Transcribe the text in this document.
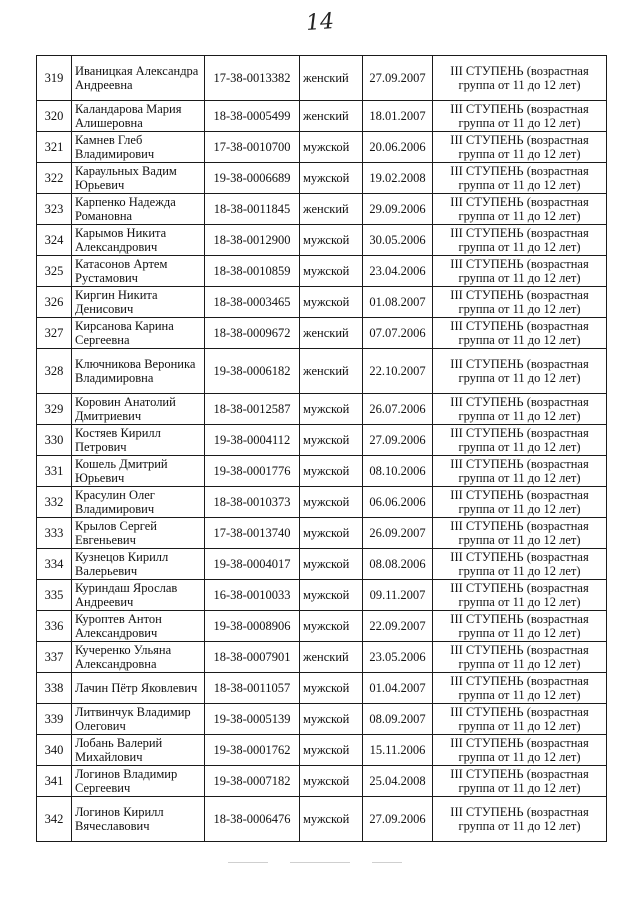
14
319	Иваницкая Александра Андреевна	17-38-0013382	женский	27.09.2007	III СТУПЕНЬ (возрастная группа от 11 до 12 лет)
320	Каландарова Мария Алишеровна	18-38-0005499	женский	18.01.2007	III СТУПЕНЬ (возрастная группа от 11 до 12 лет)
321	Камнев Глеб Владимирович	17-38-0010700	мужской	20.06.2006	III СТУПЕНЬ (возрастная группа от 11 до 12 лет)
322	Караульных Вадим Юрьевич	19-38-0006689	мужской	19.02.2008	III СТУПЕНЬ (возрастная группа от 11 до 12 лет)
323	Карпенко Надежда Романовна	18-38-0011845	женский	29.09.2006	III СТУПЕНЬ (возрастная группа от 11 до 12 лет)
324	Карымов Никита Александрович	18-38-0012900	мужской	30.05.2006	III СТУПЕНЬ (возрастная группа от 11 до 12 лет)
325	Катасонов Артем Рустамович	18-38-0010859	мужской	23.04.2006	III СТУПЕНЬ (возрастная группа от 11 до 12 лет)
326	Киргин Никита Денисович	18-38-0003465	мужской	01.08.2007	III СТУПЕНЬ (возрастная группа от 11 до 12 лет)
327	Кирсанова Карина Сергеевна	18-38-0009672	женский	07.07.2006	III СТУПЕНЬ (возрастная группа от 11 до 12 лет)
328	Ключникова Вероника Владимировна	19-38-0006182	женский	22.10.2007	III СТУПЕНЬ (возрастная группа от 11 до 12 лет)
329	Коровин Анатолий Дмитриевич	18-38-0012587	мужской	26.07.2006	III СТУПЕНЬ (возрастная группа от 11 до 12 лет)
330	Костяев Кирилл Петрович	19-38-0004112	мужской	27.09.2006	III СТУПЕНЬ (возрастная группа от 11 до 12 лет)
331	Кошель Дмитрий Юрьевич	19-38-0001776	мужской	08.10.2006	III СТУПЕНЬ (возрастная группа от 11 до 12 лет)
332	Красулин Олег Владимирович	18-38-0010373	мужской	06.06.2006	III СТУПЕНЬ (возрастная группа от 11 до 12 лет)
333	Крылов Сергей Евгеньевич	17-38-0013740	мужской	26.09.2007	III СТУПЕНЬ (возрастная группа от 11 до 12 лет)
334	Кузнецов Кирилл Валерьевич	19-38-0004017	мужской	08.08.2006	III СТУПЕНЬ (возрастная группа от 11 до 12 лет)
335	Куриндаш Ярослав Андреевич	16-38-0010033	мужской	09.11.2007	III СТУПЕНЬ (возрастная группа от 11 до 12 лет)
336	Куроптев Антон Александрович	19-38-0008906	мужской	22.09.2007	III СТУПЕНЬ (возрастная группа от 11 до 12 лет)
337	Кучеренко Ульяна Александровна	18-38-0007901	женский	23.05.2006	III СТУПЕНЬ (возрастная группа от 11 до 12 лет)
338	Лачин Пётр Яковлевич	18-38-0011057	мужской	01.04.2007	III СТУПЕНЬ (возрастная группа от 11 до 12 лет)
339	Литвинчук Владимир Олегович	19-38-0005139	мужской	08.09.2007	III СТУПЕНЬ (возрастная группа от 11 до 12 лет)
340	Лобань Валерий Михайлович	19-38-0001762	мужской	15.11.2006	III СТУПЕНЬ (возрастная группа от 11 до 12 лет)
341	Логинов Владимир Сергеевич	19-38-0007182	мужской	25.04.2008	III СТУПЕНЬ (возрастная группа от 11 до 12 лет)
342	Логинов Кирилл Вячеславович	18-38-0006476	мужской	27.09.2006	III СТУПЕНЬ (возрастная группа от 11 до 12 лет)
